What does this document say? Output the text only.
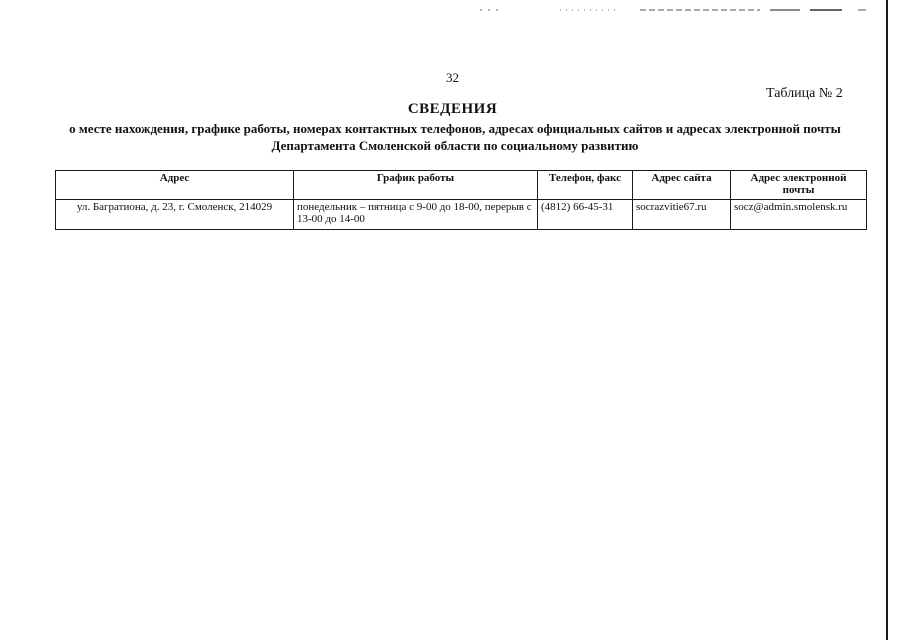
32
Таблица № 2
СВЕДЕНИЯ
о месте нахождения, графике работы, номерах контактных телефонов, адресах официальных сайтов и адресах электронной почты Департамента Смоленской области по социальному развитию
Адрес	График работы	Телефон, факс	Адрес сайта	Адрес электронной почты
ул. Багратиона, д. 23, г. Смоленск, 214029	понедельник – пятница с 9-00 до 18-00, перерыв с 13-00 до 14-00	(4812) 66-45-31	socrazvitie67.ru	socz@admin.smolensk.ru
